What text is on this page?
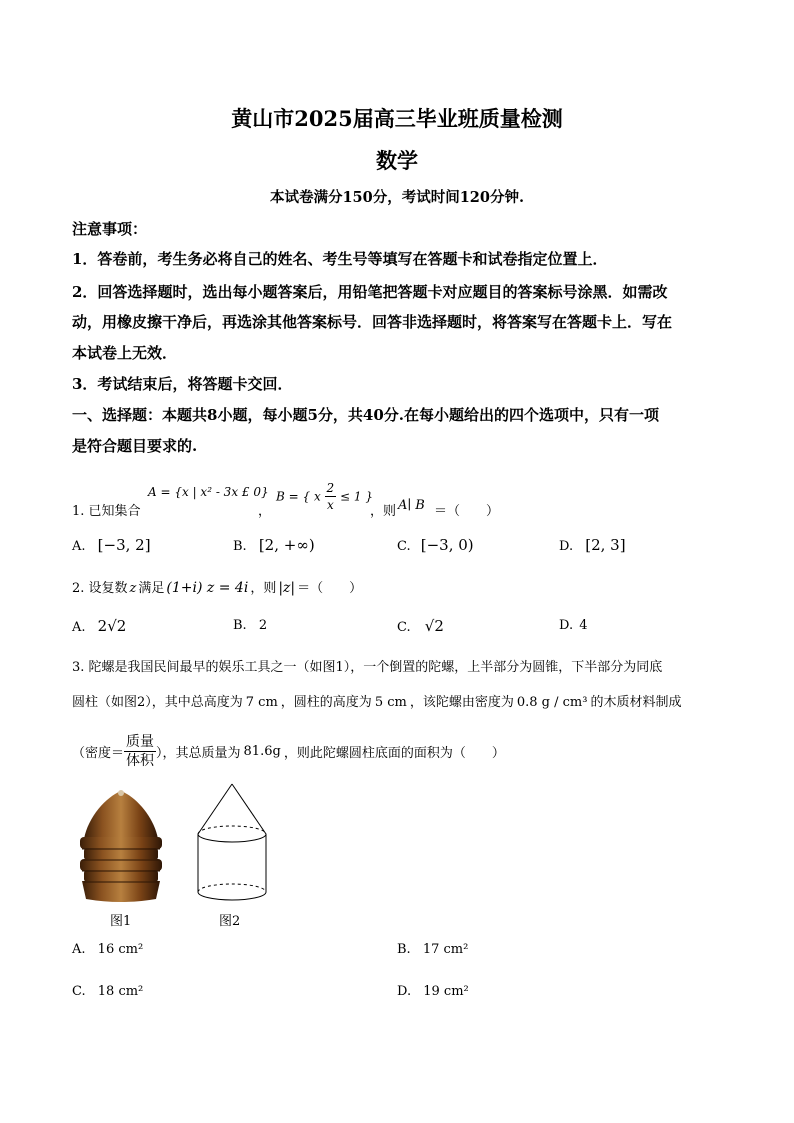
黄山市2025届高三毕业班质量检测
数学
本试卷满分150分，考试时间120分钟.
注意事项：
1．答卷前，考生务必将自己的姓名、考生号等填写在答题卡和试卷指定位置上．
2．回答选择题时，选出每小题答案后，用铅笔把答题卡对应题目的答案标号涂黑．如需改
动，用橡皮擦干净后，再选涂其他答案标号．回答非选择题时，将答案写在答题卡上．写在
本试卷上无效．
3．考试结束后，将答题卡交回．
一、选择题：本题共8小题，每小题5分，共40分.在每小题给出的四个选项中，只有一项
是符合题目要求的.
1. 已知集合
A = {x | x² - 3x £ 0}
，
B = { x $\frac{2}{x} \le 1$ }
，则 A∣ B ＝（　　）
A. [−3, 2]	B. [2, +∞)	C. [−3, 0)	D. [2, 3]
2. 设复数 z 满足 (1+i) z = 4i ，则 |z| ＝（　　）
A. 2√2	B. 2	C. √2	D. 4
3. 陀螺是我国民间最早的娱乐工具之一（如图1），一个倒置的陀螺，上半部分为圆锥，下半部分为同底
圆柱（如图2），其中总高度为 7 cm ，圆柱的高度为 5 cm ，该陀螺由密度为 0.8 g / cm³ 的木质材料制成
（密度＝ $\frac{\text{质量}}{\text{体积}}$ ），其总质量为 81.6g ，则此陀螺圆柱底面的面积为（　　）
图1	图2
A. 16 cm²	B. 17 cm²
C. 18 cm²	D. 19 cm²
